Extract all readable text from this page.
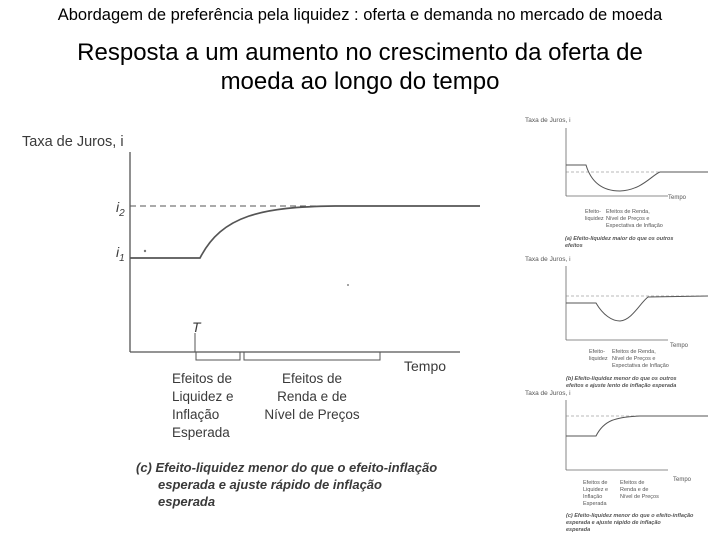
Abordagem de preferência pela liquidez : oferta e demanda no mercado de moeda
Resposta a um aumento no crescimento da oferta de
moeda ao longo do tempo
Taxa de Juros, i
$i_2$
$i_1$
T
Tempo
Efeitos de
Liquidez e
Inflação
Esperada
Efeitos de
Renda e de
Nível de Preços
(c) Efeito-liquidez menor do que o efeito-inflação
esperada e ajuste rápido de inflação
esperada
Taxa de Juros, i
Tempo
Efeito-
liquidez
Efeitos de Renda,
Nível de Preços e
Expectativa de Inflação
(a) Efeito-liquidez maior do que os outros
efeitos
Taxa de Juros, i
Tempo
Efeito-
liquidez
Efeitos de Renda,
Nível de Preços e
Expectativa de Inflação
(b) Efeito-liquidez menor do que os outros
efeitos e ajuste lento de inflação esperada
Taxa de Juros, i
Tempo
Efeitos de
Liquidez e
Inflação
Esperada
Efeitos de
Renda e de
Nível de Preços
(c) Efeito-liquidez menor do que o efeito-inflação
esperada e ajuste rápido de inflação
esperada
